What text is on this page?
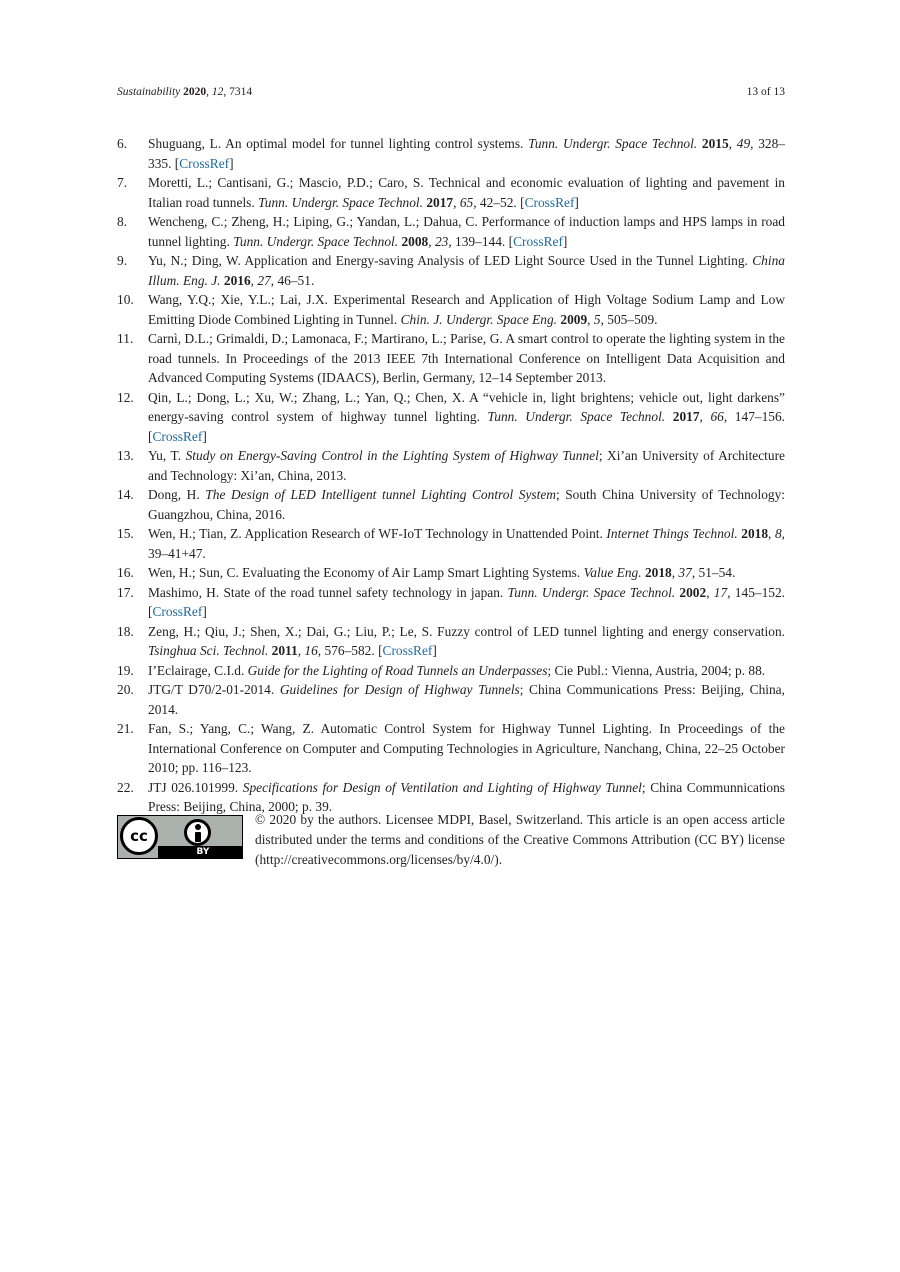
Sustainability 2020, 12, 7314	13 of 13
6. Shuguang, L. An optimal model for tunnel lighting control systems. Tunn. Undergr. Space Technol. 2015, 49, 328–335. [CrossRef]
7. Moretti, L.; Cantisani, G.; Mascio, P.D.; Caro, S. Technical and economic evaluation of lighting and pavement in Italian road tunnels. Tunn. Undergr. Space Technol. 2017, 65, 42–52. [CrossRef]
8. Wencheng, C.; Zheng, H.; Liping, G.; Yandan, L.; Dahua, C. Performance of induction lamps and HPS lamps in road tunnel lighting. Tunn. Undergr. Space Technol. 2008, 23, 139–144. [CrossRef]
9. Yu, N.; Ding, W. Application and Energy-saving Analysis of LED Light Source Used in the Tunnel Lighting. China Illum. Eng. J. 2016, 27, 46–51.
10. Wang, Y.Q.; Xie, Y.L.; Lai, J.X. Experimental Research and Application of High Voltage Sodium Lamp and Low Emitting Diode Combined Lighting in Tunnel. Chin. J. Undergr. Space Eng. 2009, 5, 505–509.
11. Carnì, D.L.; Grimaldi, D.; Lamonaca, F.; Martirano, L.; Parise, G. A smart control to operate the lighting system in the road tunnels. In Proceedings of the 2013 IEEE 7th International Conference on Intelligent Data Acquisition and Advanced Computing Systems (IDAACS), Berlin, Germany, 12–14 September 2013.
12. Qin, L.; Dong, L.; Xu, W.; Zhang, L.; Yan, Q.; Chen, X. A “vehicle in, light brightens; vehicle out, light darkens” energy-saving control system of highway tunnel lighting. Tunn. Undergr. Space Technol. 2017, 66, 147–156. [CrossRef]
13. Yu, T. Study on Energy-Saving Control in the Lighting System of Highway Tunnel; Xi’an University of Architecture and Technology: Xi’an, China, 2013.
14. Dong, H. The Design of LED Intelligent tunnel Lighting Control System; South China University of Technology: Guangzhou, China, 2016.
15. Wen, H.; Tian, Z. Application Research of WF-IoT Technology in Unattended Point. Internet Things Technol. 2018, 8, 39–41+47.
16. Wen, H.; Sun, C. Evaluating the Economy of Air Lamp Smart Lighting Systems. Value Eng. 2018, 37, 51–54.
17. Mashimo, H. State of the road tunnel safety technology in japan. Tunn. Undergr. Space Technol. 2002, 17, 145–152. [CrossRef]
18. Zeng, H.; Qiu, J.; Shen, X.; Dai, G.; Liu, P.; Le, S. Fuzzy control of LED tunnel lighting and energy conservation. Tsinghua Sci. Technol. 2011, 16, 576–582. [CrossRef]
19. I’Eclairage, C.I.d. Guide for the Lighting of Road Tunnels an Underpasses; Cie Publ.: Vienna, Austria, 2004; p. 88.
20. JTG/T D70/2-01-2014. Guidelines for Design of Highway Tunnels; China Communications Press: Beijing, China, 2014.
21. Fan, S.; Yang, C.; Wang, Z. Automatic Control System for Highway Tunnel Lighting. In Proceedings of the International Conference on Computer and Computing Technologies in Agriculture, Nanchang, China, 22–25 October 2010; pp. 116–123.
22. JTJ 026.101999. Specifications for Design of Ventilation and Lighting of Highway Tunnel; China Communnications Press: Beijing, China, 2000; p. 39.
cc
BY
© 2020 by the authors. Licensee MDPI, Basel, Switzerland. This article is an open access article distributed under the terms and conditions of the Creative Commons Attribution (CC BY) license (http://creativecommons.org/licenses/by/4.0/).
